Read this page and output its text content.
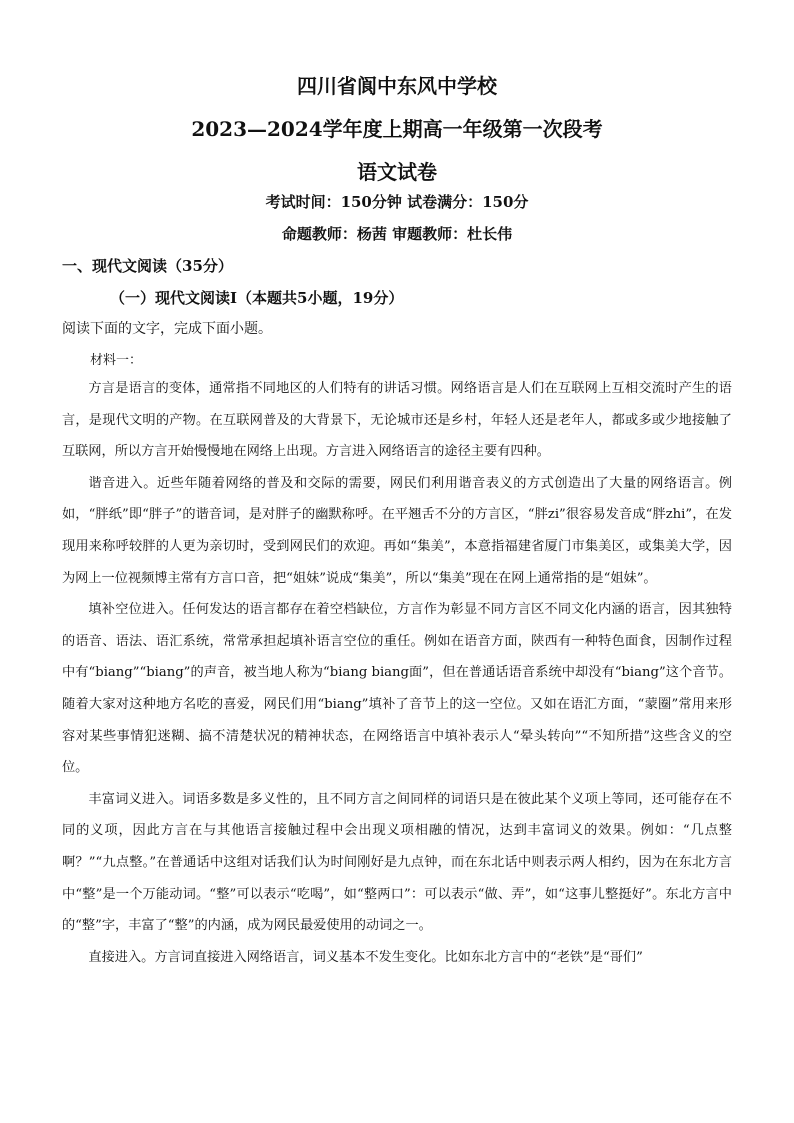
四川省阆中东风中学校
2023—2024学年度上期高一年级第一次段考
语文试卷
考试时间：150分钟 试卷满分：150分
命题教师：杨茜 审题教师：杜长伟
一、现代文阅读（35分）
（一）现代文阅读Ⅰ（本题共5小题，19分）
阅读下面的文字，完成下面小题。
材料一：

方言是语言的变体，通常指不同地区的人们特有的讲话习惯。网络语言是人们在互联网上互相交流时产生的语言，是现代文明的产物。在互联网普及的大背景下，无论城市还是乡村，年轻人还是老年人，都或多或少地接触了互联网，所以方言开始慢慢地在网络上出现。方言进入网络语言的途径主要有四种。

谐音进入。近些年随着网络的普及和交际的需要，网民们利用谐音表义的方式创造出了大量的网络语言。例如，“胖纸”即“胖子”的谐音词，是对胖子的幽默称呼。在平翘舌不分的方言区，“胖zi”很容易发音成“胖zhi”，在发现用来称呼较胖的人更为亲切时，受到网民们的欢迎。再如“集美”，本意指福建省厦门市集美区，或集美大学，因为网上一位视频博主常有方言口音，把“姐妹”说成“集美”，所以“集美”现在在网上通常指的是“姐妹”。

填补空位进入。任何发达的语言都存在着空档缺位，方言作为彰显不同方言区不同文化内涵的语言，因其独特的语音、语法、语汇系统，常常承担起填补语言空位的重任。例如在语音方面，陕西有一种特色面食，因制作过程中有“biang”“biang”的声音，被当地人称为“biang biang面”，但在普通话语音系统中却没有“biang”这个音节。随着大家对这种地方名吃的喜爱，网民们用“biang”填补了音节上的这一空位。又如在语汇方面，“蒙圈”常用来形容对某些事情犯迷糊、搞不清楚状况的精神状态，在网络语言中填补表示人“晕头转向”“不知所措”这些含义的空位。

丰富词义进入。词语多数是多义性的，且不同方言之间同样的词语只是在彼此某个义项上等同，还可能存在不同的义项，因此方言在与其他语言接触过程中会出现义项相融的情况，达到丰富词义的效果。例如：“几点整啊？”“九点整。”在普通话中这组对话我们认为时间刚好是九点钟，而在东北话中则表示两人相约，因为在东北方言中“整”是一个万能动词。“整”可以表示“吃喝”，如“整两口”：可以表示“做、弄”，如“这事儿整挺好”。东北方言中的“整”字，丰富了“整”的内涵，成为网民最爱使用的动词之一。

直接进入。方言词直接进入网络语言，词义基本不发生变化。比如东北方言中的“老铁”是“哥们”
